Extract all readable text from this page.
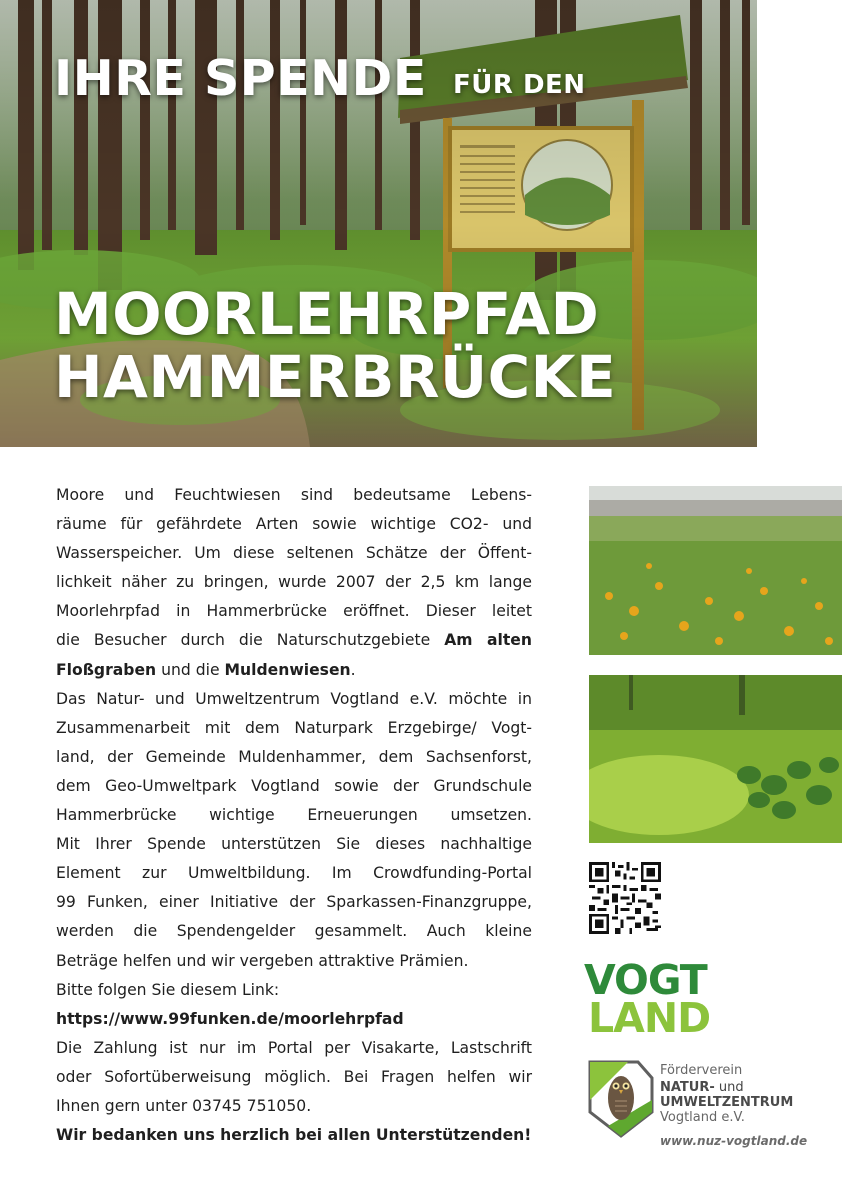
IHRE SPENDE FÜR DEN
MOORLEHRPFAD
HAMMERBRÜCKE

Moore und Feuchtwiesen sind bedeutsame Lebens-

räume für gefährdete Arten sowie wichtige CO2- und

Wasserspeicher. Um diese seltenen Schätze der Öffent-

lichkeit näher zu bringen, wurde 2007 der 2,5 km lange

Moorlehrpfad in Hammerbrücke eröffnet. Dieser leitet

die Besucher durch die Naturschutzgebiete Am alten

Floßgraben und die Muldenwiesen.

Das Natur- und Umweltzentrum Vogtland e.V. möchte in

Zusammenarbeit mit dem Naturpark Erzgebirge/ Vogt-

land, der Gemeinde Muldenhammer, dem Sachsenforst,

dem Geo-Umweltpark Vogtland sowie der Grundschule

Hammerbrücke wichtige Erneuerungen umsetzen.

Mit Ihrer Spende unterstützen Sie dieses nachhaltige

Element zur Umweltbildung. Im Crowdfunding-Portal

99 Funken, einer Initiative der Sparkassen-Finanzgruppe,

werden die Spendengelder gesammelt. Auch kleine

Beträge helfen und wir vergeben attraktive Prämien.

Bitte folgen Sie diesem Link:

https://www.99funken.de/moorlehrpfad

Die Zahlung ist nur im Portal per Visakarte, Lastschrift

oder Sofortüberweisung möglich. Bei Fragen helfen wir

Ihnen gern unter 03745 751050.

Wir bedanken uns herzlich bei allen Unterstützenden!

VOGT
LAND
Förderverein
NATUR- und
UMWELTZENTRUM
Vogtland e.V.
www.nuz-vogtland.de
